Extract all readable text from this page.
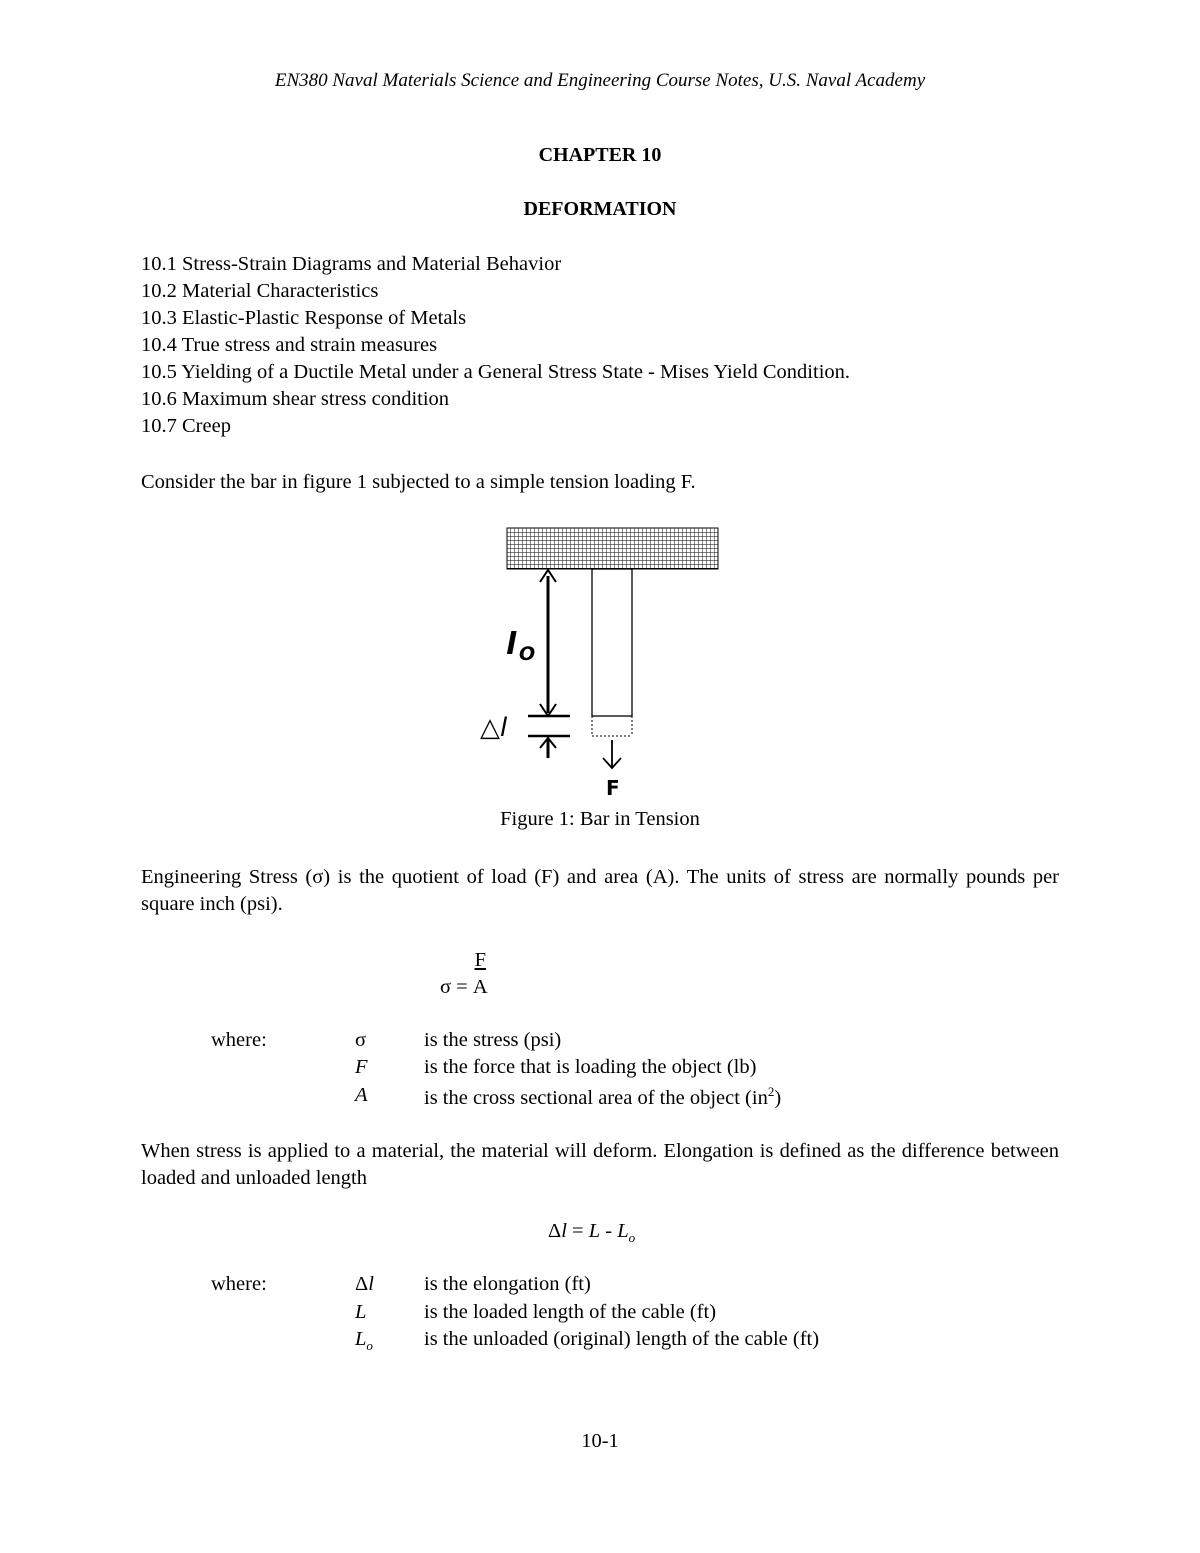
EN380 Naval Materials Science and Engineering Course Notes, U.S. Naval Academy
CHAPTER 10
DEFORMATION
10.1 Stress-Strain Diagrams and Material Behavior
10.2 Material Characteristics
10.3 Elastic-Plastic Response of Metals
10.4 True stress and strain measures
10.5 Yielding of a Ductile Metal under a General Stress State - Mises Yield Condition.
10.6 Maximum shear stress condition
10.7 Creep
Consider the bar in figure 1 subjected to a simple tension loading F.
l O
△l
F
Figure 1: Bar in Tension
Engineering Stress (σ) is the quotient of load (F) and area (A). The units of stress are normally pounds per square inch (psi).
$\sigma = \frac{F}{A}$
where:	σ	is the stress (psi)
F	is the force that is loading the object (lb)
A	is the cross sectional area of the object $(in^2)$
When stress is applied to a material, the material will deform. Elongation is defined as the difference between loaded and unloaded length
$\Delta l = L - L_o$
where:	Δl is the elongation (ft)
L	is the loaded length of the cable (ft)
$L_o$ is the unloaded (original) length of the cable (ft)
10-1
